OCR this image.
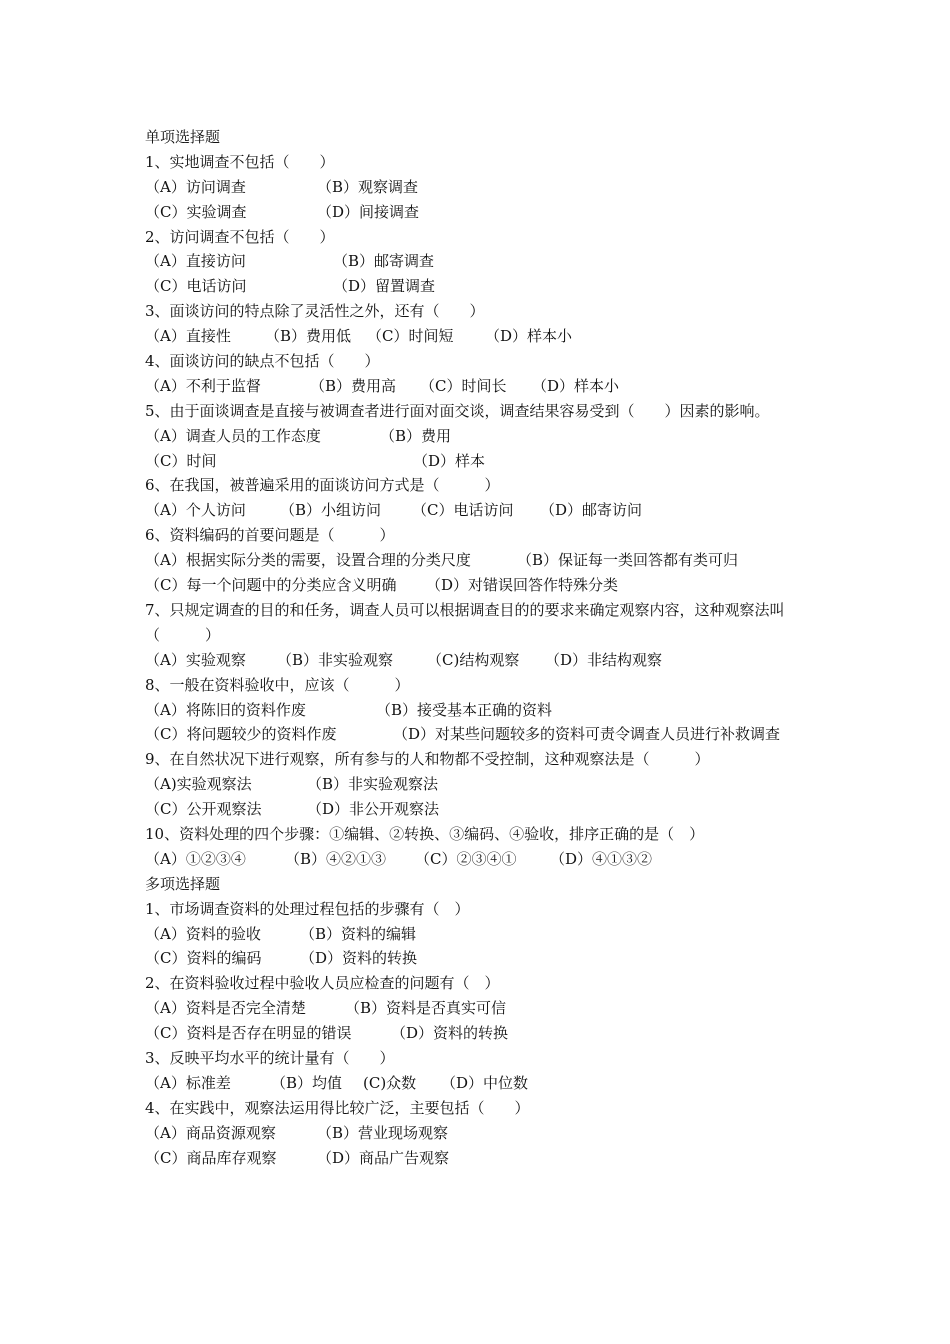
单项选择题
1、实地调查不包括（　　）
（A）访问调查	（B）观察调查
（C）实验调查	（D）间接调查
2、访问调查不包括（　　）
（A）直接访问	（B）邮寄调查
（C）电话访问	（D）留置调查
3、面谈访问的特点除了灵活性之外，还有（　　）
（A）直接性	（B）费用低	（C）时间短	（D）样本小
4、面谈访问的缺点不包括（　　）
（A）不利于监督	（B）费用高	（C）时间长	（D）样本小
5、由于面谈调查是直接与被调查者进行面对面交谈，调查结果容易受到（　　）因素的影响。
（A）调查人员的工作态度	（B）费用
（C）时间	（D）样本
6、在我国，被普遍采用的面谈访问方式是（　　　）
（A）个人访问	（B）小组访问	（C）电话访问	（D）邮寄访问
6、资料编码的首要问题是（　　　）
（A）根据实际分类的需要，设置合理的分类尺度	（B）保证每一类回答都有类可归
（C）每一个问题中的分类应含义明确	（D）对错误回答作特殊分类
7、只规定调查的目的和任务，调查人员可以根据调查目的的要求来确定观察内容，这种观察法叫（　　　）
（A）实验观察	（B）非实验观察	（C)结构观察	（D）非结构观察
8、一般在资料验收中，应该（　　　）
（A）将陈旧的资料作废	（B）接受基本正确的资料
（C）将问题较少的资料作废	（D）对某些问题较多的资料可责令调查人员进行补救调查
9、在自然状况下进行观察，所有参与的人和物都不受控制，这种观察法是（　　　）
（A)实验观察法	（B）非实验观察法
（C）公开观察法	（D）非公开观察法
10、资料处理的四个步骤：①编辑、②转换、③编码、④验收，排序正确的是（　）
（A）①②③④	（B）④②①③	（C）②③④①	（D）④①③②
多项选择题
1、市场调查资料的处理过程包括的步骤有（　）
（A）资料的验收	（B）资料的编辑
（C）资料的编码	（D）资料的转换
2、在资料验收过程中验收人员应检查的问题有（　）
（A）资料是否完全清楚	（B）资料是否真实可信
（C）资料是否存在明显的错误	（D）资料的转换
3、反映平均水平的统计量有（　　）
（A）标准差	（B）均值	(C)众数	（D）中位数
4、在实践中，观察法运用得比较广泛，主要包括（　　）
（A）商品资源观察	（B）营业现场观察
（C）商品库存观察	（D）商品广告观察
